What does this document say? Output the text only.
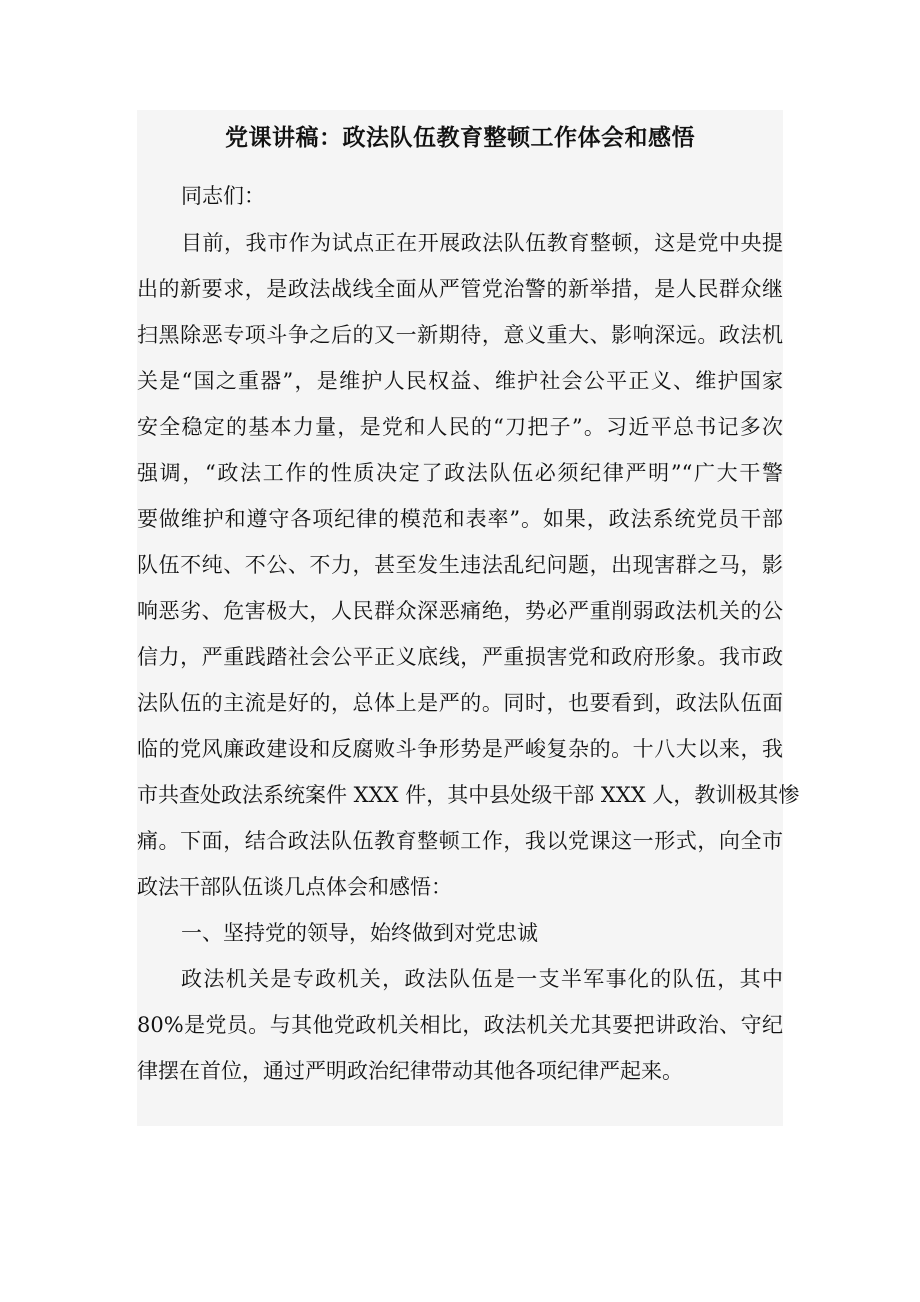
党课讲稿：政法队伍教育整顿工作体会和感悟
同志们：
目前，我市作为试点正在开展政法队伍教育整顿，这是党中央提
出的新要求，是政法战线全面从严管党治警的新举措，是人民群众继
扫黑除恶专项斗争之后的又一新期待，意义重大、影响深远。政法机
关是“国之重器”，是维护人民权益、维护社会公平正义、维护国家
安全稳定的基本力量，是党和人民的“刀把子”。习近平总书记多次
强调，“政法工作的性质决定了政法队伍必须纪律严明”“广大干警
要做维护和遵守各项纪律的模范和表率”。如果，政法系统党员干部
队伍不纯、不公、不力，甚至发生违法乱纪问题，出现害群之马，影
响恶劣、危害极大，人民群众深恶痛绝，势必严重削弱政法机关的公
信力，严重践踏社会公平正义底线，严重损害党和政府形象。我市政
法队伍的主流是好的，总体上是严的。同时，也要看到，政法队伍面
临的党风廉政建设和反腐败斗争形势是严峻复杂的。十八大以来，我
市共查处政法系统案件 XXX 件，其中县处级干部 XXX 人，教训极其惨
痛。下面，结合政法队伍教育整顿工作，我以党课这一形式，向全市
政法干部队伍谈几点体会和感悟：
一、坚持党的领导，始终做到对党忠诚
政法机关是专政机关，政法队伍是一支半军事化的队伍，其中
80%是党员。与其他党政机关相比，政法机关尤其要把讲政治、守纪
律摆在首位，通过严明政治纪律带动其他各项纪律严起来。
